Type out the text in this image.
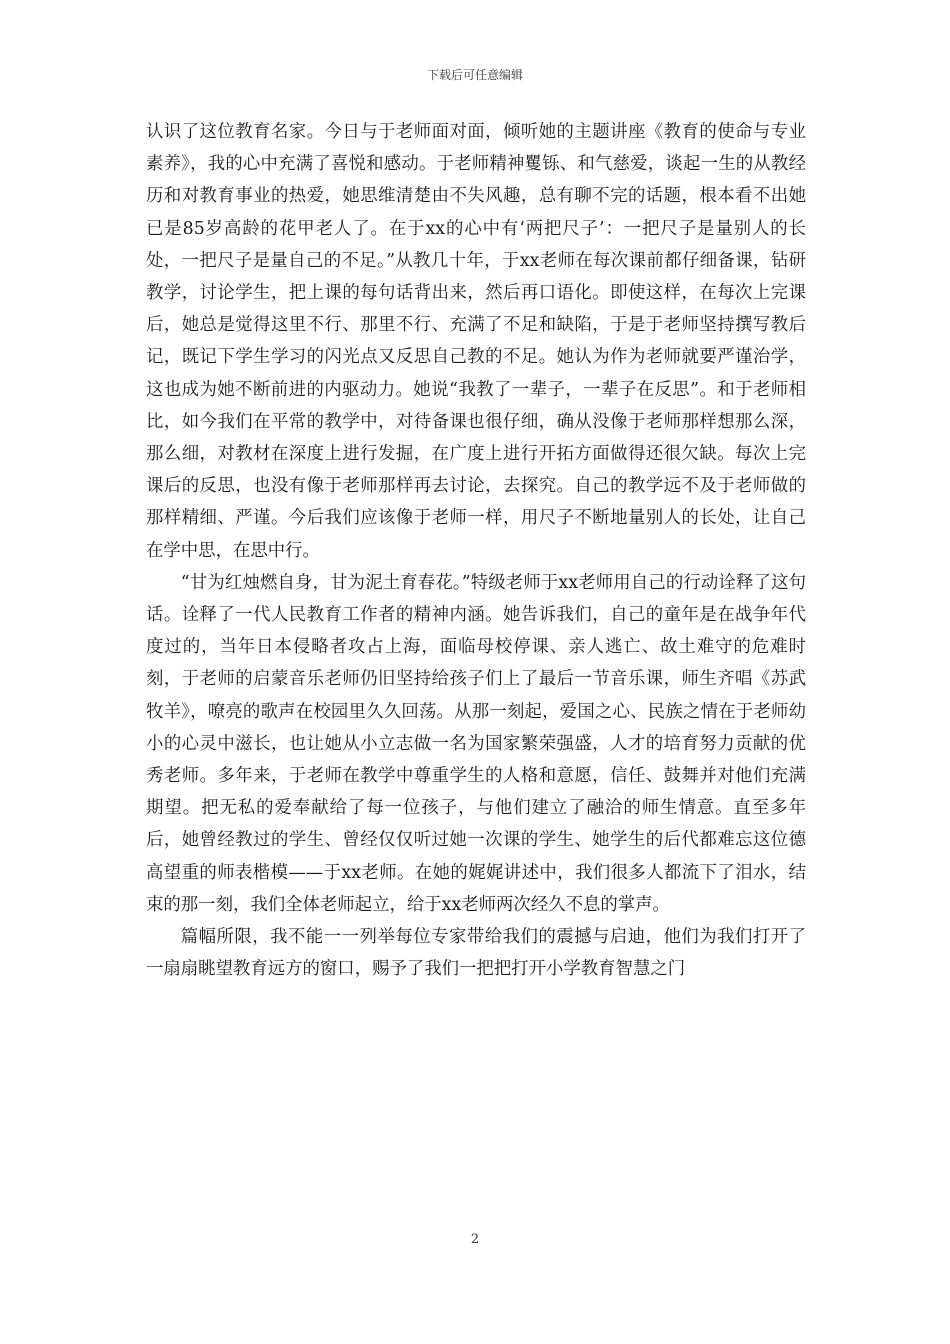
下载后可任意编辑

认识了这位教育名家。今日与于老师面对面，倾听她的主题讲座《教育的使命与专业素养》，我的心中充满了喜悦和感动。于老师精神矍铄、和气慈爱，谈起一生的从教经历和对教育事业的热爱，她思维清楚由不失风趣，总有聊不完的话题，根本看不出她已是85岁高龄的花甲老人了。在于xx的心中有‘两把尺子’：一把尺子是量别人的长处，一把尺子是量自己的不足。”从教几十年，于xx老师在每次课前都仔细备课，钻研教学，讨论学生，把上课的每句话背出来，然后再口语化。即使这样，在每次上完课后，她总是觉得这里不行、那里不行、充满了不足和缺陷，于是于老师坚持撰写教后记，既记下学生学习的闪光点又反思自己教的不足。她认为作为老师就要严谨治学，这也成为她不断前进的内驱动力。她说“我教了一辈子，一辈子在反思”。和于老师相比，如今我们在平常的教学中，对待备课也很仔细，确从没像于老师那样想那么深，那么细，对教材在深度上进行发掘，在广度上进行开拓方面做得还很欠缺。每次上完课后的反思，也没有像于老师那样再去讨论，去探究。自己的教学远不及于老师做的那样精细、严谨。今后我们应该像于老师一样，用尺子不断地量别人的长处，让自己在学中思，在思中行。

“甘为红烛燃自身，甘为泥土育春花。”特级老师于xx老师用自己的行动诠释了这句话。诠释了一代人民教育工作者的精神内涵。她告诉我们，自己的童年是在战争年代度过的，当年日本侵略者攻占上海，面临母校停课、亲人逃亡、故土难守的危难时刻，于老师的启蒙音乐老师仍旧坚持给孩子们上了最后一节音乐课，师生齐唱《苏武牧羊》，嘹亮的歌声在校园里久久回荡。从那一刻起，爱国之心、民族之情在于老师幼小的心灵中滋长，也让她从小立志做一名为国家繁荣强盛，人才的培育努力贡献的优秀老师。多年来，于老师在教学中尊重学生的人格和意愿，信任、鼓舞并对他们充满期望。把无私的爱奉献给了每一位孩子，与他们建立了融洽的师生情意。直至多年后，她曾经教过的学生、曾经仅仅听过她一次课的学生、她学生的后代都难忘这位德高望重的师表楷模——于xx老师。在她的娓娓讲述中，我们很多人都流下了泪水，结束的那一刻，我们全体老师起立，给于xx老师两次经久不息的掌声。

篇幅所限，我不能一一列举每位专家带给我们的震撼与启迪，他们为我们打开了一扇扇眺望教育远方的窗口，赐予了我们一把把打开小学教育智慧之门

2
